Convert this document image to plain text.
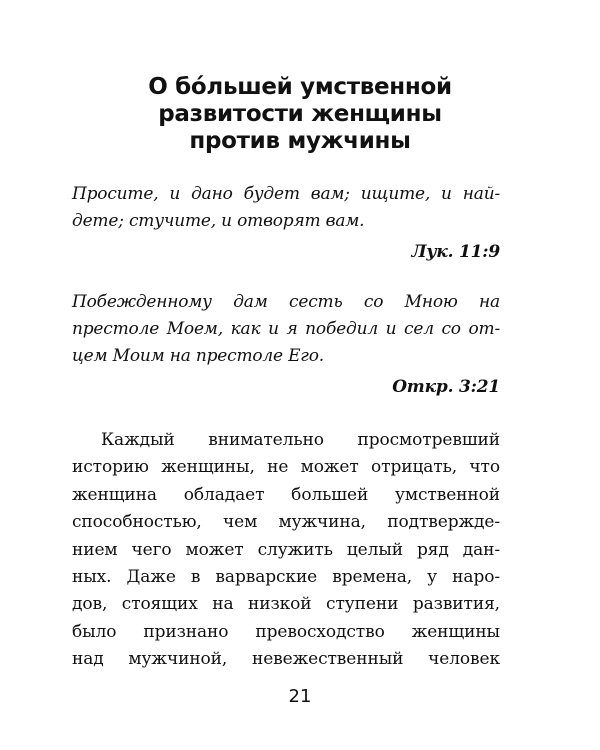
О бо́льшей умственной
развитости женщины
против мужчины
Просите, и дано будет вам; ищите, и най-
дете; стучите, и отворят вам.
Лук. 11:9
Побежденному дам сесть со Мною на
престоле Моем, как и я победил и сел со от-
цем Моим на престоле Его.
Откр. 3:21
Каждый внимательно просмотревший
историю женщины, не может отрицать, что
женщина обладает большей умственной
способностью, чем мужчина, подтвержде-
нием чего может служить целый ряд дан-
ных. Даже в варварские времена, у наро-
дов, стоящих на низкой ступени развития,
было признано превосходство женщины
над мужчиной, невежественный человек
21
